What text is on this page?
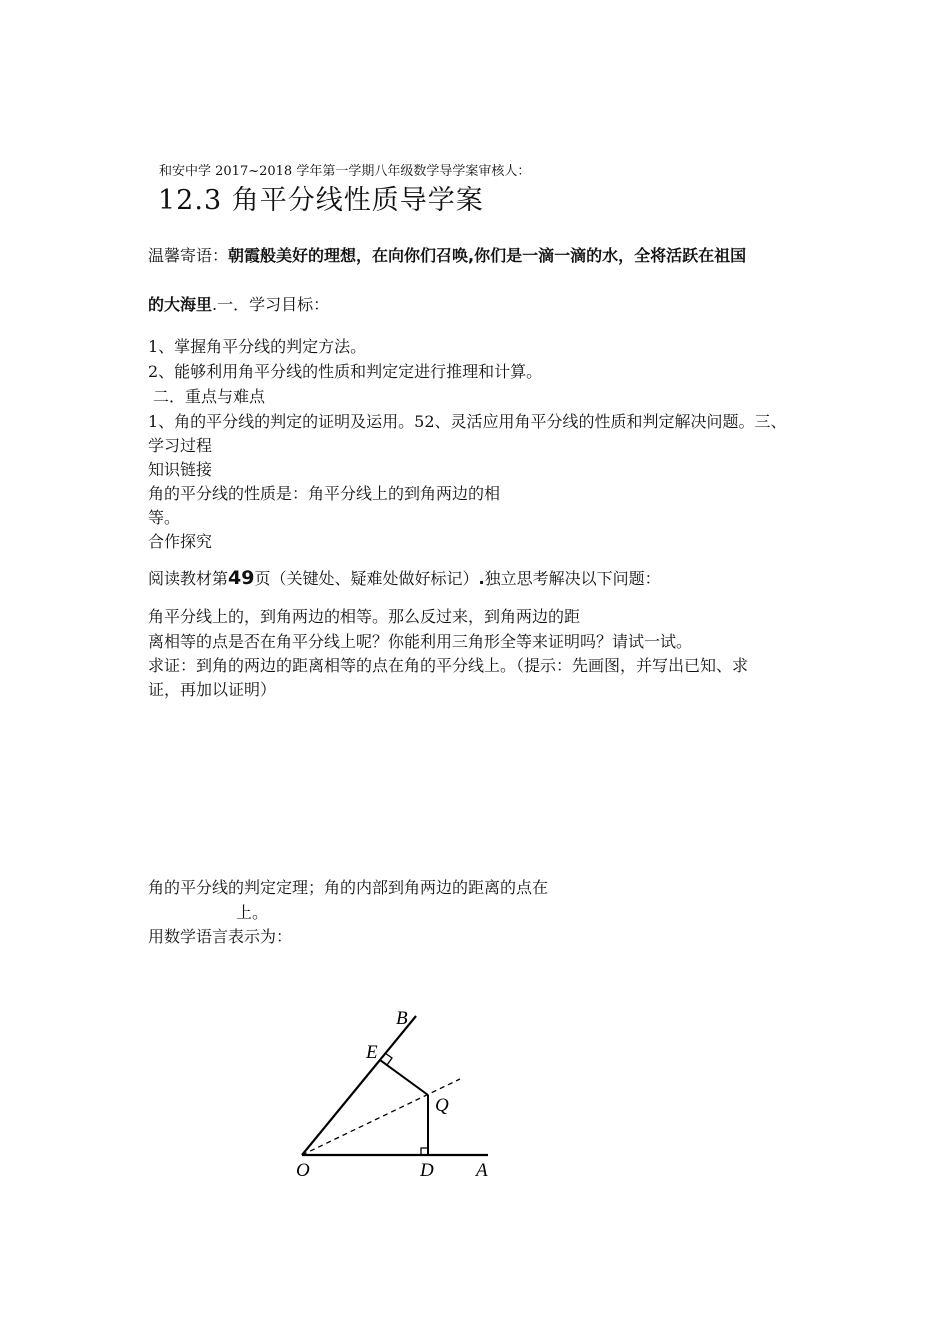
和安中学 2017~2018 学年第一学期八年级数学导学案审核人：
12.3 角平分线性质导学案
温馨寄语：朝霞般美好的理想，在向你们召唤,你们是一滴一滴的水，全将活跃在祖国
的大海里.一．学习目标：
1、掌握角平分线的判定方法。
2、能够利用角平分线的性质和判定定进行推理和计算。
二．重点与难点
1、角的平分线的判定的证明及运用。52、灵活应用角平分线的性质和判定解决问题。三、
学习过程
知识链接
角的平分线的性质是：角平分线上的到角两边的相
等。
合作探究
阅读教材第49页（关键处、疑难处做好标记）.独立思考解决以下问题：
角平分线上的，到角两边的相等。那么反过来，到角两边的距
离相等的点是否在角平分线上呢？你能利用三角形全等来证明吗？请试一试。
求证：到角的两边的距离相等的点在角的平分线上。（提示：先画图，并写出已知、求
证，再加以证明）
角的平分线的判定定理；角的内部到角两边的距离的点在
上。
用数学语言表示为：
B
E
Q
O	D A
